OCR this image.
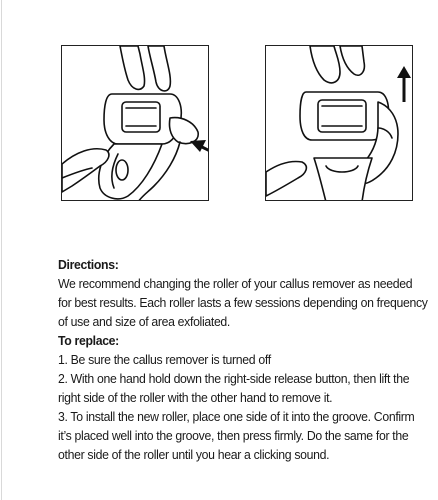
Directions:

We recommend changing the roller of your callus remover as needed

for best results. Each roller lasts a few sessions depending on frequency

of use and size of area exfoliated.

To replace:

1. Be sure the callus remover is turned off

2. With one hand hold down the right-side release button, then lift the

right side of the roller with the other hand to remove it.

3. To install the new roller, place one side of it into the groove. Confirm

it’s placed well into the groove, then press firmly. Do the same for the

other side of the roller until you hear a clicking sound.
